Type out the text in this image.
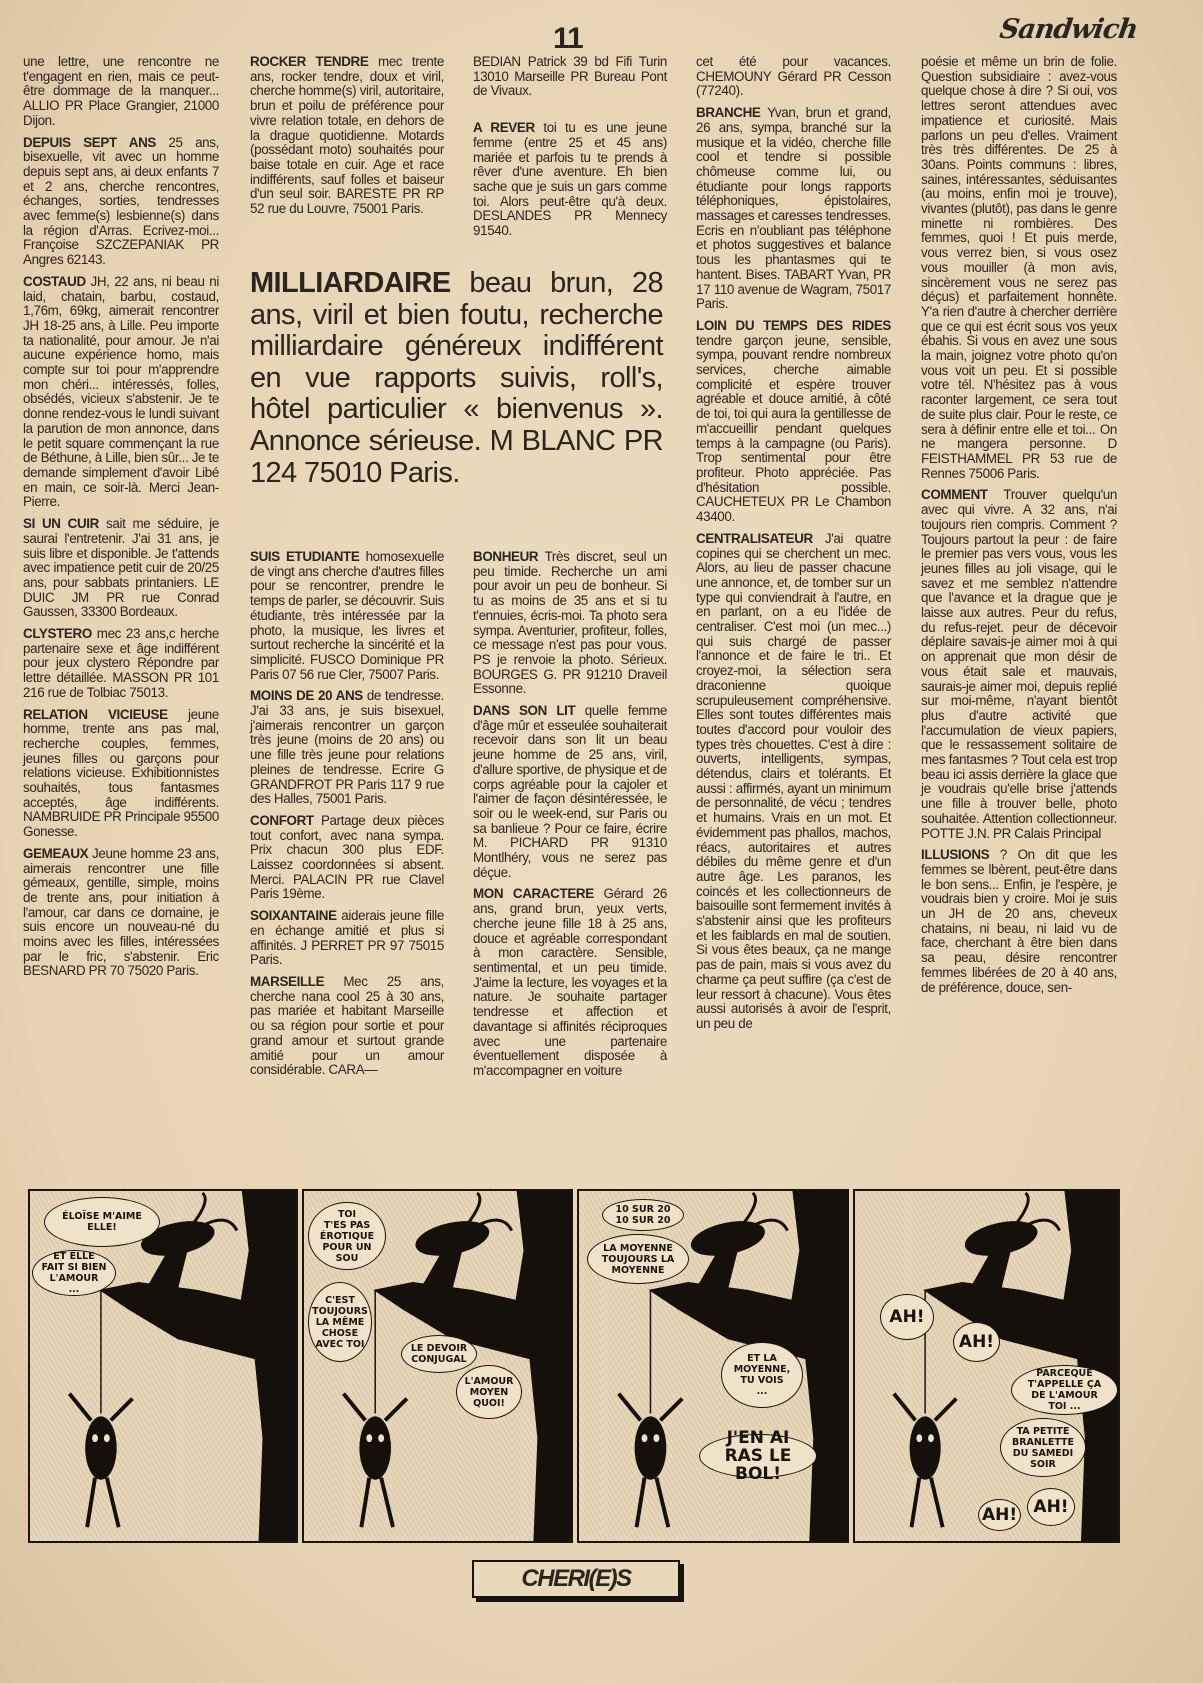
11	Sandwich

une lettre, une rencontre ne t'engagent en rien, mais ce peut-être dommage de la manquer... ALLIO PR Place Grangier, 21000 Dijon.

DEPUIS SEPT ANS 25 ans, bisexuelle, vit avec un homme depuis sept ans, ai deux enfants 7 et 2 ans, cherche rencontres, échanges, sorties, tendresses avec femme(s) lesbienne(s) dans la région d'Arras. Ecrivez-moi... Françoise SZCZEPANIAK PR Angres 62143.

COSTAUD JH, 22 ans, ni beau ni laid, chatain, barbu, costaud, 1,76m, 69kg, aimerait rencontrer JH 18-25 ans, à Lille. Peu importe ta nationalité, pour amour. Je n'ai aucune expérience homo, mais compte sur toi pour m'apprendre mon chéri... intéressés, folles, obsédés, vicieux s'abstenir. Je te donne rendez-vous le lundi suivant la parution de mon annonce, dans le petit square commençant la rue de Béthune, à Lille, bien sûr... Je te demande simplement d'avoir Libé en main, ce soir-là. Merci Jean-Pierre.

SI UN CUIR sait me séduire, je saurai l'entretenir. J'ai 31 ans, je suis libre et disponible. Je t'attends avec impatience petit cuir de 20/25 ans, pour sabbats printaniers. LE DUIC JM PR rue Conrad Gaussen, 33300 Bordeaux.

CLYSTERO mec 23 ans,c herche partenaire sexe et âge indifférent pour jeux clystero Répondre par lettre détaillée. MASSON PR 101 216 rue de Tolbiac 75013.

RELATION VICIEUSE jeune homme, trente ans pas mal, recherche couples, femmes, jeunes filles ou garçons pour relations vicieuse. Exhibitionnistes souhaités, tous fantasmes acceptés, âge indifférents. NAMBRUIDE PR Principale 95500 Gonesse.

GEMEAUX Jeune homme 23 ans, aimerais rencontrer une fille gémeaux, gentille, simple, moins de trente ans, pour initiation à l'amour, car dans ce domaine, je suis encore un nouveau-né du moins avec les filles, intéressées par le fric, s'abstenir. Eric BESNARD PR 70 75020 Paris.

ROCKER TENDRE mec trente ans, rocker tendre, doux et viril, cherche homme(s) viril, autoritaire, brun et poilu de préférence pour vivre relation totale, en dehors de la drague quotidienne. Motards (possédant moto) souhaités pour baise totale en cuir. Age et race indifférents, sauf folles et baiseur d'un seul soir. BARESTE PR RP 52 rue du Louvre, 75001 Paris.

BEDIAN Patrick 39 bd Fifi Turin 13010 Marseille PR Bureau Pont de Vivaux.

A REVER toi tu es une jeune femme (entre 25 et 45 ans) mariée et parfois tu te prends à rêver d'une aventure. Eh bien sache que je suis un gars comme toi. Alors peut-être qu'à deux. DESLANDES PR Mennecy 91540.

cet été pour vacances. CHEMOUNY Gérard PR Cesson (77240).

BRANCHE Yvan, brun et grand, 26 ans, sympa, branché sur la musique et la vidéo, cherche fille cool et tendre si possible chômeuse comme lui, ou étudiante pour longs rapports téléphoniques, épistolaires, massages et caresses tendresses. Ecris en n'oubliant pas téléphone et photos suggestives et balance tous les phantasmes qui te hantent. Bises. TABART Yvan, PR 17 110 avenue de Wagram, 75017 Paris.

LOIN DU TEMPS DES RIDES tendre garçon jeune, sensible, sympa, pouvant rendre nombreux services, cherche aimable complicité et espère trouver agréable et douce amitié, à côté de toi, toi qui aura la gentillesse de m'accueillir pendant quelques temps à la campagne (ou Paris). Trop sentimental pour être profiteur. Photo appréciée. Pas d'hésitation possible. CAUCHETEUX PR Le Chambon 43400.

CENTRALISATEUR J'ai quatre copines qui se cherchent un mec. Alors, au lieu de passer chacune une annonce, et, de tomber sur un type qui conviendrait à l'autre, en en parlant, on a eu l'idée de centraliser. C'est moi (un mec...) qui suis chargé de passer l'annonce et de faire le tri.. Et croyez-moi, la sélection sera draconienne quoique scrupuleusement compréhensive. Elles sont toutes différentes mais toutes d'accord pour vouloir des types très chouettes. C'est à dire : ouverts, intelligents, sympas, détendus, clairs et tolérants. Et aussi : affirmés, ayant un minimum de personnalité, de vécu ; tendres et humains. Vrais en un mot. Et évidemment pas phallos, machos, réacs, autoritaires et autres débiles du même genre et d'un autre âge. Les paranos, les coincés et les collectionneurs de baisouille sont fermement invités à s'abstenir ainsi que les profiteurs et les faiblards en mal de soutien. Si vous êtes beaux, ça ne mange pas de pain, mais si vous avez du charme ça peut suffire (ça c'est de leur ressort à chacune). Vous êtes aussi autorisés à avoir de l'esprit, un peu de

poésie et même un brin de folie. Question subsidiaire : avez-vous quelque chose à dire ? Si oui, vos lettres seront attendues avec impatience et curiosité. Mais parlons un peu d'elles. Vraiment très très différentes. De 25 à 30ans. Points communs : libres, saines, intéressantes, séduisantes (au moins, enfin moi je trouve), vivantes (plutôt), pas dans le genre minette ni rombières. Des femmes, quoi ! Et puis merde, vous verrez bien, si vous osez vous mouiller (à mon avis, sincèrement vous ne serez pas déçus) et parfaitement honnête. Y'a rien d'autre à chercher derrière que ce qui est écrit sous vos yeux ébahis. Si vous en avez une sous la main, joignez votre photo qu'on vous voit un peu. Et si possible votre tél. N'hésitez pas à vous raconter largement, ce sera tout de suite plus clair. Pour le reste, ce sera à définir entre elle et toi... On ne mangera personne. D FEISTHAMMEL PR 53 rue de Rennes 75006 Paris.

COMMENT Trouver quelqu'un avec qui vivre. A 32 ans, n'ai toujours rien compris. Comment ? Toujours partout la peur : de faire le premier pas vers vous, vous les jeunes filles au joli visage, qui le savez et me semblez n'attendre que l'avance et la drague que je laisse aux autres. Peur du refus, du refus-rejet. peur de décevoir déplaire savais-je aimer moi à qui on apprenait que mon désir de vous était sale et mauvais, saurais-je aimer moi, depuis replié sur moi-même, n'ayant bientôt plus d'autre activité que l'accumulation de vieux papiers, que le ressassement solitaire de mes fantasmes ? Tout cela est trop beau ici assis derrière la glace que je voudrais qu'elle brise j'attends une fille à trouver belle, photo souhaitée. Attention collectionneur. POTTE J.N. PR Calais Principal

ILLUSIONS ? On dit que les femmes se lbèrent, peut-être dans le bon sens... Enfin, je l'espère, je voudrais bien y croire. Moi je suis un JH de 20 ans, cheveux chatains, ni beau, ni laid vu de face, cherchant à être bien dans sa peau, désire rencontrer femmes libérées de 20 à 40 ans, de préférence, douce, sen-

SUIS ETUDIANTE homosexuelle de vingt ans cherche d'autres filles pour se rencontrer, prendre le temps de parler, se découvrir. Suis étudiante, très intéressée par la photo, la musique, les livres et surtout recherche la sincérité et la simplicité. FUSCO Dominique PR Paris 07 56 rue Cler, 75007 Paris.

MOINS DE 20 ANS de tendresse. J'ai 33 ans, je suis bisexuel, j'aimerais rencontrer un garçon très jeune (moins de 20 ans) ou une fille très jeune pour relations pleines de tendresse. Ecrire G GRANDFROT PR Paris 117 9 rue des Halles, 75001 Paris.

CONFORT Partage deux pièces tout confort, avec nana sympa. Prix chacun 300 plus EDF. Laissez coordonnées si absent. Merci. PALACIN PR rue Clavel Paris 19ème.

SOIXANTAINE aiderais jeune fille en échange amitié et plus si affinités. J PERRET PR 97 75015 Paris.

MARSEILLE Mec 25 ans, cherche nana cool 25 à 30 ans, pas mariée et habitant Marseille ou sa région pour sortie et pour grand amour et surtout grande amitié pour un amour considérable. CARA—

BONHEUR Très discret, seul un peu timide. Recherche un ami pour avoir un peu de bonheur. Si tu as moins de 35 ans et si tu t'ennuies, écris-moi. Ta photo sera sympa. Aventurier, profiteur, folles, ce message n'est pas pour vous. PS je renvoie la photo. Sérieux. BOURGES G. PR 91210 Draveil Essonne.

DANS SON LIT quelle femme d'âge mûr et esseulée souhaiterait recevoir dans son lit un beau jeune homme de 25 ans, viril, d'allure sportive, de physique et de corps agréable pour la cajoler et l'aimer de façon désintéressée, le soir ou le week-end, sur Paris ou sa banlieue ? Pour ce faire, écrire M. PICHARD PR 91310 Montlhéry, vous ne serez pas déçue.

MON CARACTERE Gérard 26 ans, grand brun, yeux verts, cherche jeune fille 18 à 25 ans, douce et agréable correspondant à mon caractère. Sensible, sentimental, et un peu timide. J'aime la lecture, les voyages et la nature. Je souhaite partager tendresse et affection et davantage si affinités réciproques avec une partenaire éventuellement disposée à m'accompagner en voiture

MILLIARDAIRE beau brun, 28 ans, viril et bien foutu, recherche milliardaire généreux indifférent en vue rapports suivis, roll's, hôtel particulier « bienvenus ». Annonce sérieuse. M BLANC PR 124 75010 Paris.
ÉLOÏSE M'AIME
ELLE!
ET ELLE
FAIT SI BIEN
L'AMOUR
...
TOI
T'ES PAS
ÉROTIQUE
POUR UN
SOU
C'EST
TOUJOURS
LA MÊME
CHOSE
AVEC TOI	LE DEVOIR
CONJUGAL
L'AMOUR
MOYEN
QUOI!
10 SUR 20
10 SUR 20
LA MOYENNE
TOUJOURS LA
MOYENNE
ET LA
MOYENNE,
TU VOIS
...
J'EN AI
RAS LE BOL!
AH!
AH!
PARCEQUE
T'APPELLE ÇA
DE L'AMOUR
TOI ...
TA PETITE
BRANLETTE
DU SAMEDI
SOIR
AH! AH!
CHERI(E)S
